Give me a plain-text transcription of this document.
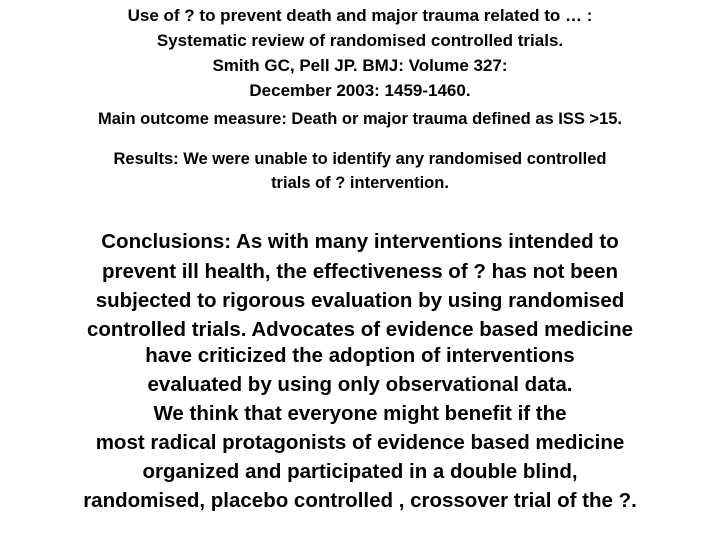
Use of ? to prevent death and major trauma related to … :
Systematic review of randomised controlled trials.
Smith GC, Pell JP. BMJ: Volume 327:
December 2003: 1459-1460.
Main outcome measure: Death or major trauma defined as ISS >15.
Results: We were unable to identify any randomised controlled
trials of ? intervention.
Conclusions: As with many interventions intended to
prevent ill health, the effectiveness of ? has not been
subjected to rigorous evaluation by using randomised
controlled trials. Advocates of evidence based medicine
have criticized the adoption of interventions
evaluated by using only observational data.
We think that everyone might benefit if the
most radical protagonists of evidence based medicine
organized and participated in a double blind,
randomised, placebo controlled , crossover trial of the ?.
